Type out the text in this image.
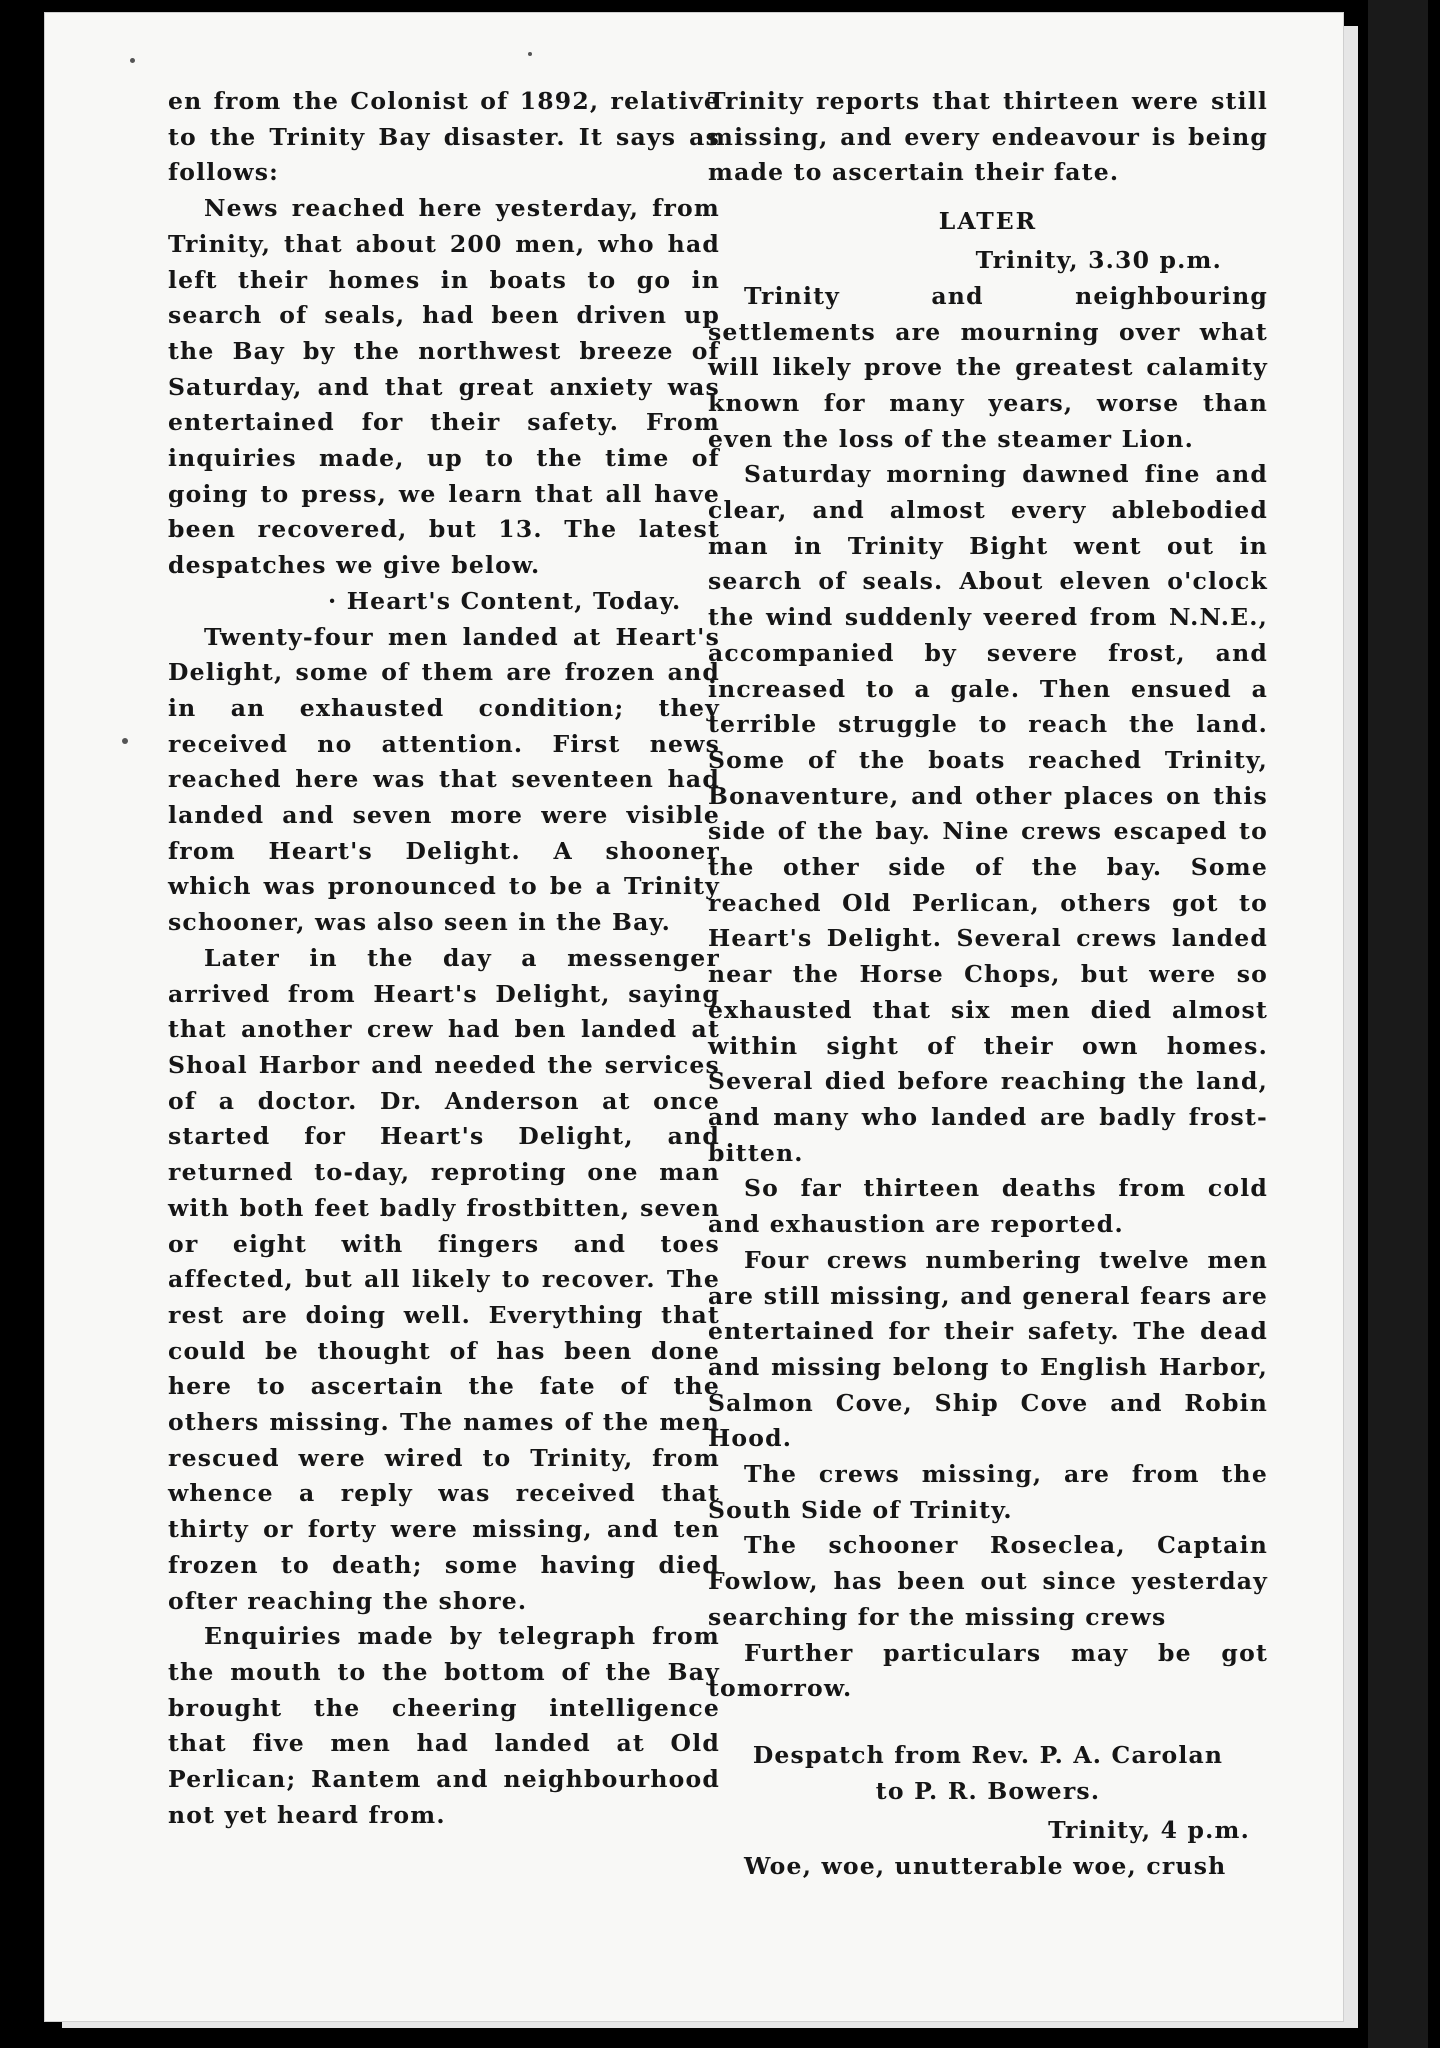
en from the Colonist of 1892, relative to the Trinity Bay disaster. It says as follows:

News reached here yesterday, from Trinity, that about 200 men, who had left their homes in boats to go in search of seals, had been driven up the Bay by the northwest breeze of Saturday, and that great anxiety was entertained for their safety. From inquiries made, up to the time of going to press, we learn that all have been recovered, but 13. The latest despatches we give below.

· Heart's Content, Today.

Twenty-four men landed at Heart's Delight, some of them are frozen and in an exhausted condition; they received no attention. First news reached here was that seventeen had landed and seven more were visible from Heart's Delight. A shooner which was pronounced to be a Trinity schooner, was also seen in the Bay.

Later in the day a messenger arrived from Heart's Delight, saying that another crew had ben landed at Shoal Harbor and needed the services of a doctor. Dr. Anderson at once started for Heart's Delight, and returned to-day, reproting one man with both feet badly frostbitten, seven or eight with fingers and toes affected, but all likely to recover. The rest are doing well. Everything that could be thought of has been done here to ascertain the fate of the others missing. The names of the men rescued were wired to Trinity, from whence a reply was received that thirty or forty were missing, and ten frozen to death; some having died ofter reaching the shore.

Enquiries made by telegraph from the mouth to the bottom of the Bay brought the cheering intelligence that five men had landed at Old Perlican; Rantem and neighbourhood not yet heard from.

Trinity reports that thirteen were still missing, and every endeavour is being made to ascertain their fate.

LATER

Trinity, 3.30 p.m.

Trinity and neighbouring settlements are mourning over what will likely prove the greatest calamity known for many years, worse than even the loss of the steamer Lion.

Saturday morning dawned fine and clear, and almost every ablebodied man in Trinity Bight went out in search of seals. About eleven o'clock the wind suddenly veered from N.N.E., accompanied by severe frost, and increased to a gale. Then ensued a terrible struggle to reach the land. Some of the boats reached Trinity, Bonaventure, and other places on this side of the bay. Nine crews escaped to the other side of the bay. Some reached Old Perlican, others got to Heart's Delight. Several crews landed near the Horse Chops, but were so exhausted that six men died almost within sight of their own homes. Several died before reaching the land, and many who landed are badly frost-bitten.

So far thirteen deaths from cold and exhaustion are reported.

Four crews numbering twelve men are still missing, and general fears are entertained for their safety. The dead and missing belong to English Harbor, Salmon Cove, Ship Cove and Robin Hood.

The crews missing, are from the South Side of Trinity.

The schooner Roseclea, Captain Fowlow, has been out since yesterday searching for the missing crews

Further particulars may be got tomorrow.

Despatch from Rev. P. A. Carolan
to P. R. Bowers.

Trinity, 4 p.m.

Woe, woe, unutterable woe, crush
